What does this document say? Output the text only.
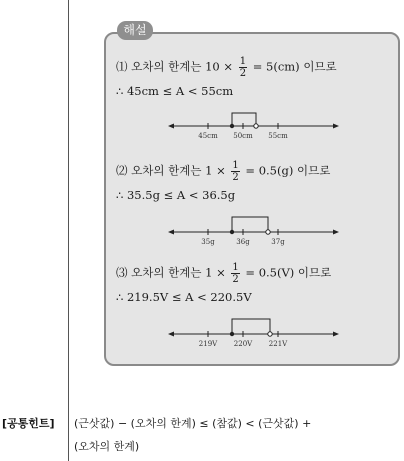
해설
⑴ 오차의 한계는 $10 \times \frac{1}{2} = 5(cm)$ 이므로
∴ 45cm ≤ A < 55cm
45cm 50cm 55cm
⑵ 오차의 한계는 $1 \times \frac{1}{2} = 0.5(g)$ 이므로
∴ 35.5g ≤ A < 36.5g
35g	36g	37g
⑶ 오차의 한계는 $1 \times \frac{1}{2} = 0.5(V)$ 이므로
∴ 219.5V ≤ A < 220.5V
219V 220V 221V
[공통힌트] (근삿값) − (오차의 한계) ≤ (참값) < (근삿값) +
(오차의 한계)
